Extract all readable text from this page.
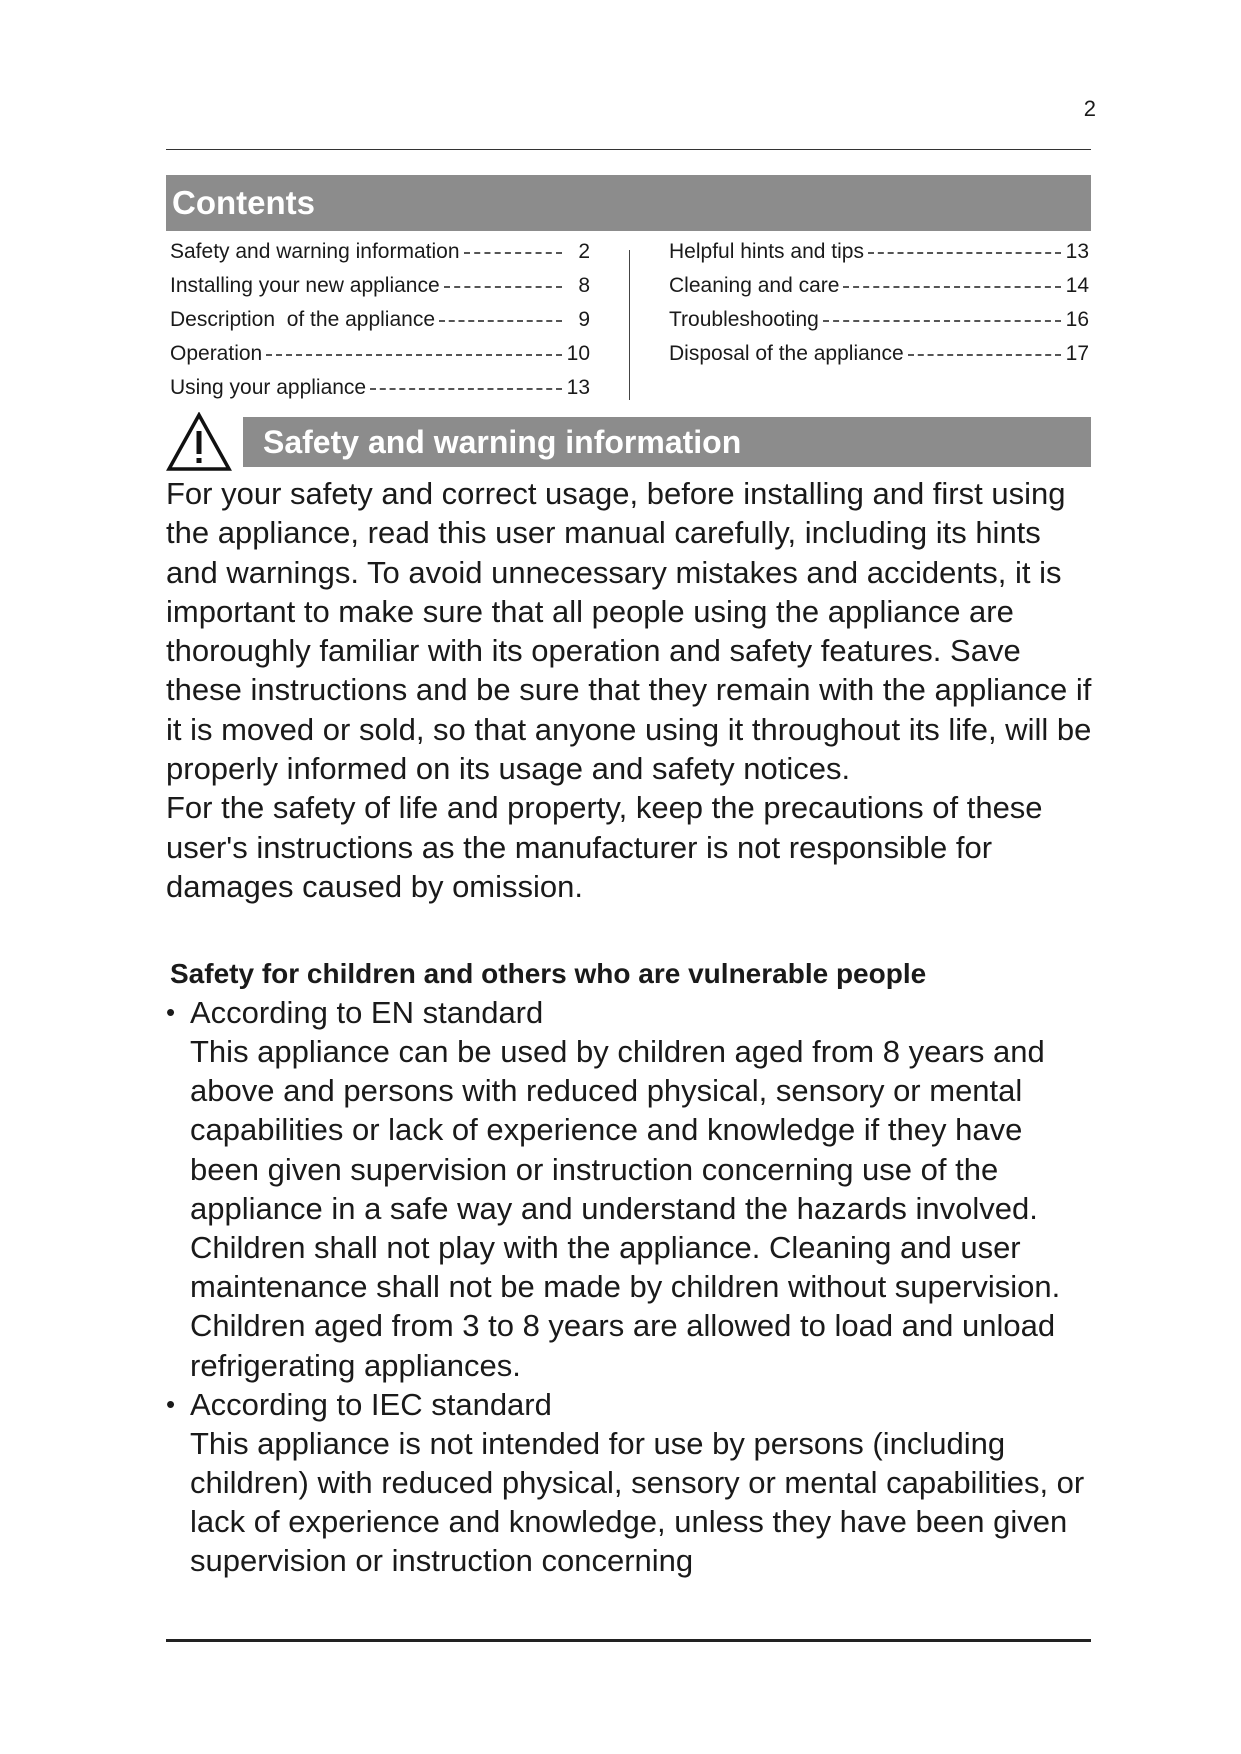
2
Contents
Safety and warning information	2
Installing your new appliance	8
Description  of the appliance	9
Operation	10
Using your appliance	13
Helpful hints and tips	13
Cleaning and care	14
Troubleshooting	16
Disposal of the appliance	17
Safety and warning information

For your safety and correct usage, before installing and first using the appliance, read this user manual carefully, including its hints and warnings. To avoid unnecessary mistakes and accidents, it is important to make sure that all people using the appliance are thoroughly familiar with its operation and safety features. Save these instructions and be sure that they remain with the appliance if it is moved or sold, so that anyone using it throughout its life, will be properly informed on its usage and safety notices.

For the safety of life and property, keep the precautions of these user's instructions as the manufacturer is not responsible for damages caused by omission.

Safety for children and others who are vulnerable people
• According to EN standard
This appliance can be used by children aged from 8 years and above and persons with reduced physical, sensory or mental capabilities or lack of experience and knowledge if they have been given supervision or instruction concerning use of the appliance in a safe way and understand the hazards involved. Children shall not play with the appliance. Cleaning and user maintenance shall not be made by children without supervision.
Children aged from 3 to 8 years are allowed to load and unload refrigerating appliances.
• According to IEC standard
This appliance is not intended for use by persons (including children) with reduced physical, sensory or mental capabilities, or lack of experience and knowledge, unless they have been given supervision or instruction concerning
